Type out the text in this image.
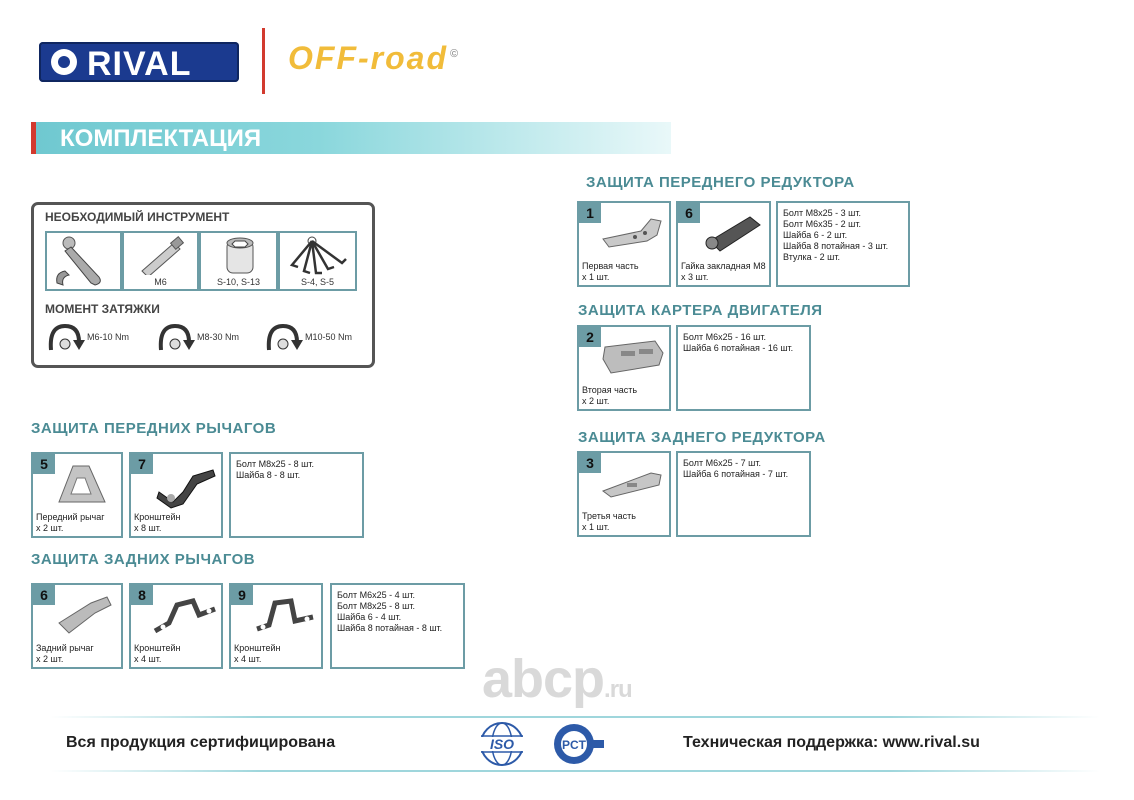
RIVAL	OFF-road ©
КОМПЛЕКТАЦИЯ
НЕОБХОДИМЫЙ ИНСТРУМЕНТ
M6	S-10, S-13	S-4, S-5
МОМЕНТ ЗАТЯЖКИ
M6-10 Nm	M8-30 Nm	M10-50 Nm
ЗАЩИТА ПЕРЕДНЕГО РЕДУКТОРА
1
Первая часть
x 1 шт.
6
Гайка закладная M8
x 3 шт.
Болт M8x25 - 3 шт.
Болт M6x35 - 2 шт.
Шайба 6 - 2 шт.
Шайба 8 потайная - 3 шт.
Втулка - 2 шт.
ЗАЩИТА КАРТЕРА ДВИГАТЕЛЯ
2
Вторая часть
x 2 шт.
Болт M6x25 - 16 шт.
Шайба 6 потайная - 16 шт.
ЗАЩИТА ЗАДНЕГО РЕДУКТОРА
3
Третья часть
x 1 шт.
Болт M6x25 - 7 шт.
Шайба 6 потайная - 7 шт.
ЗАЩИТА ПЕРЕДНИХ РЫЧАГОВ
5
Передний рычаг
x 2 шт.
7
Кронштейн
x 8 шт.
Болт M8x25 - 8 шт.
Шайба 8 - 8 шт.
ЗАЩИТА ЗАДНИХ РЫЧАГОВ
6
Задний рычаг
x 2 шт.
8
Кронштейн
x 4 шт.
9
Кронштейн
x 4 шт.
Болт M6x25 - 4 шт.
Болт M8x25 - 8 шт.
Шайба 6 - 4 шт.
Шайба 8 потайная - 8 шт.
abcp.ru
Вся продукция сертифицирована	ISO	PCT	Техническая поддержка: www.rival.su
